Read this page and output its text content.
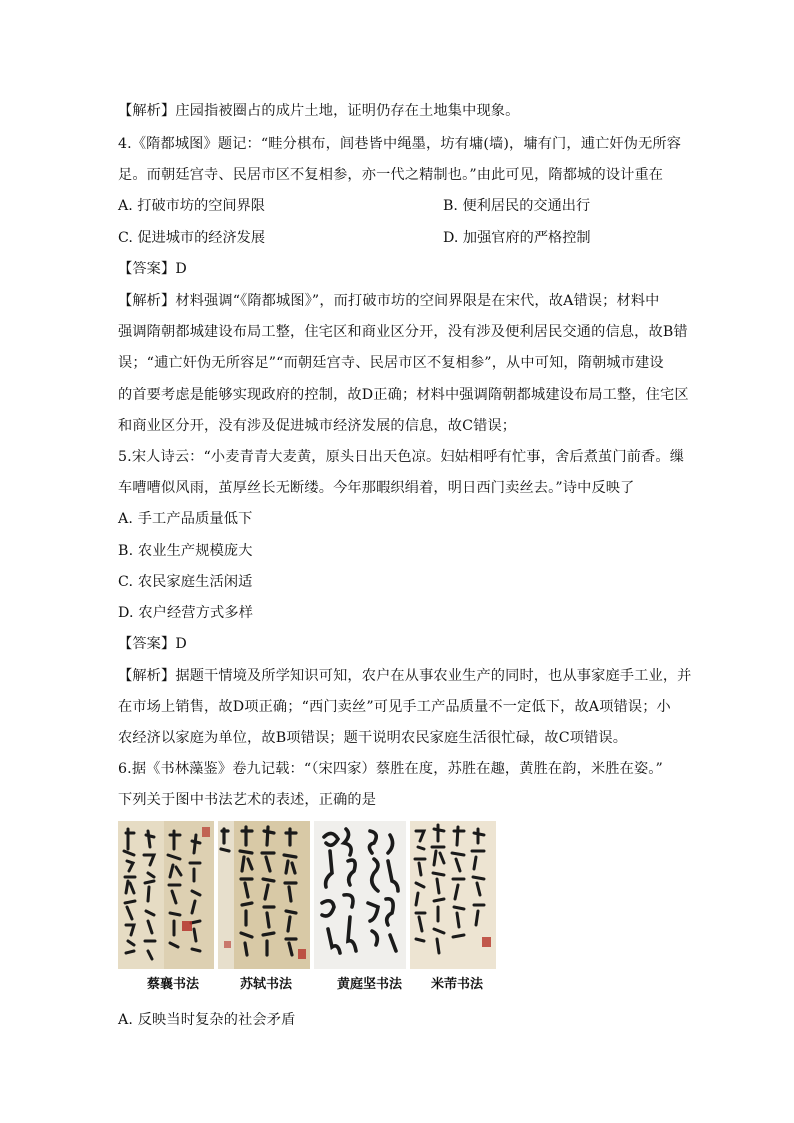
【解析】庄园指被圈占的成片土地，证明仍存在土地集中现象。
4.《隋都城图》题记：“畦分棋布，闾巷皆中绳墨，坊有墉(墙)，墉有门，逋亡奸伪无所容
足。而朝廷宫寺、民居市区不复相参，亦一代之精制也。”由此可见，隋都城的设计重在
A. 打破市坊的空间界限	B. 便利居民的交通出行
C. 促进城市的经济发展	D. 加强官府的严格控制
【答案】D
【解析】材料强调“《隋都城图》”，而打破市坊的空间界限是在宋代，故A错误；材料中
强调隋朝都城建设布局工整，住宅区和商业区分开，没有涉及便利居民交通的信息，故B错
误；“逋亡奸伪无所容足”“而朝廷宫寺、民居市区不复相参”，从中可知，隋朝城市建设
的首要考虑是能够实现政府的控制，故D正确；材料中强调隋朝都城建设布局工整，住宅区
和商业区分开，没有涉及促进城市经济发展的信息，故C错误；
5.宋人诗云：“小麦青青大麦黄，原头日出天色凉。妇姑相呼有忙事，舍后煮茧门前香。缫
车嘈嘈似风雨，茧厚丝长无断缕。今年那暇织绢着，明日西门卖丝去。”诗中反映了
A. 手工产品质量低下
B. 农业生产规模庞大
C. 农民家庭生活闲适
D. 农户经营方式多样
【答案】D
【解析】据题干情境及所学知识可知，农户在从事农业生产的同时，也从事家庭手工业，并
在市场上销售，故D项正确；“西门卖丝”可见手工产品质量不一定低下，故A项错误；小
农经济以家庭为单位，故B项错误；题干说明农民家庭生活很忙碌，故C项错误。
6.据《书林藻鉴》卷九记载：“（宋四家）蔡胜在度，苏胜在趣，黄胜在韵，米胜在姿。”
下列关于图中书法艺术的表述，正确的是
蔡襄书法	苏轼书法	黄庭坚书法 米芾书法
A. 反映当时复杂的社会矛盾
